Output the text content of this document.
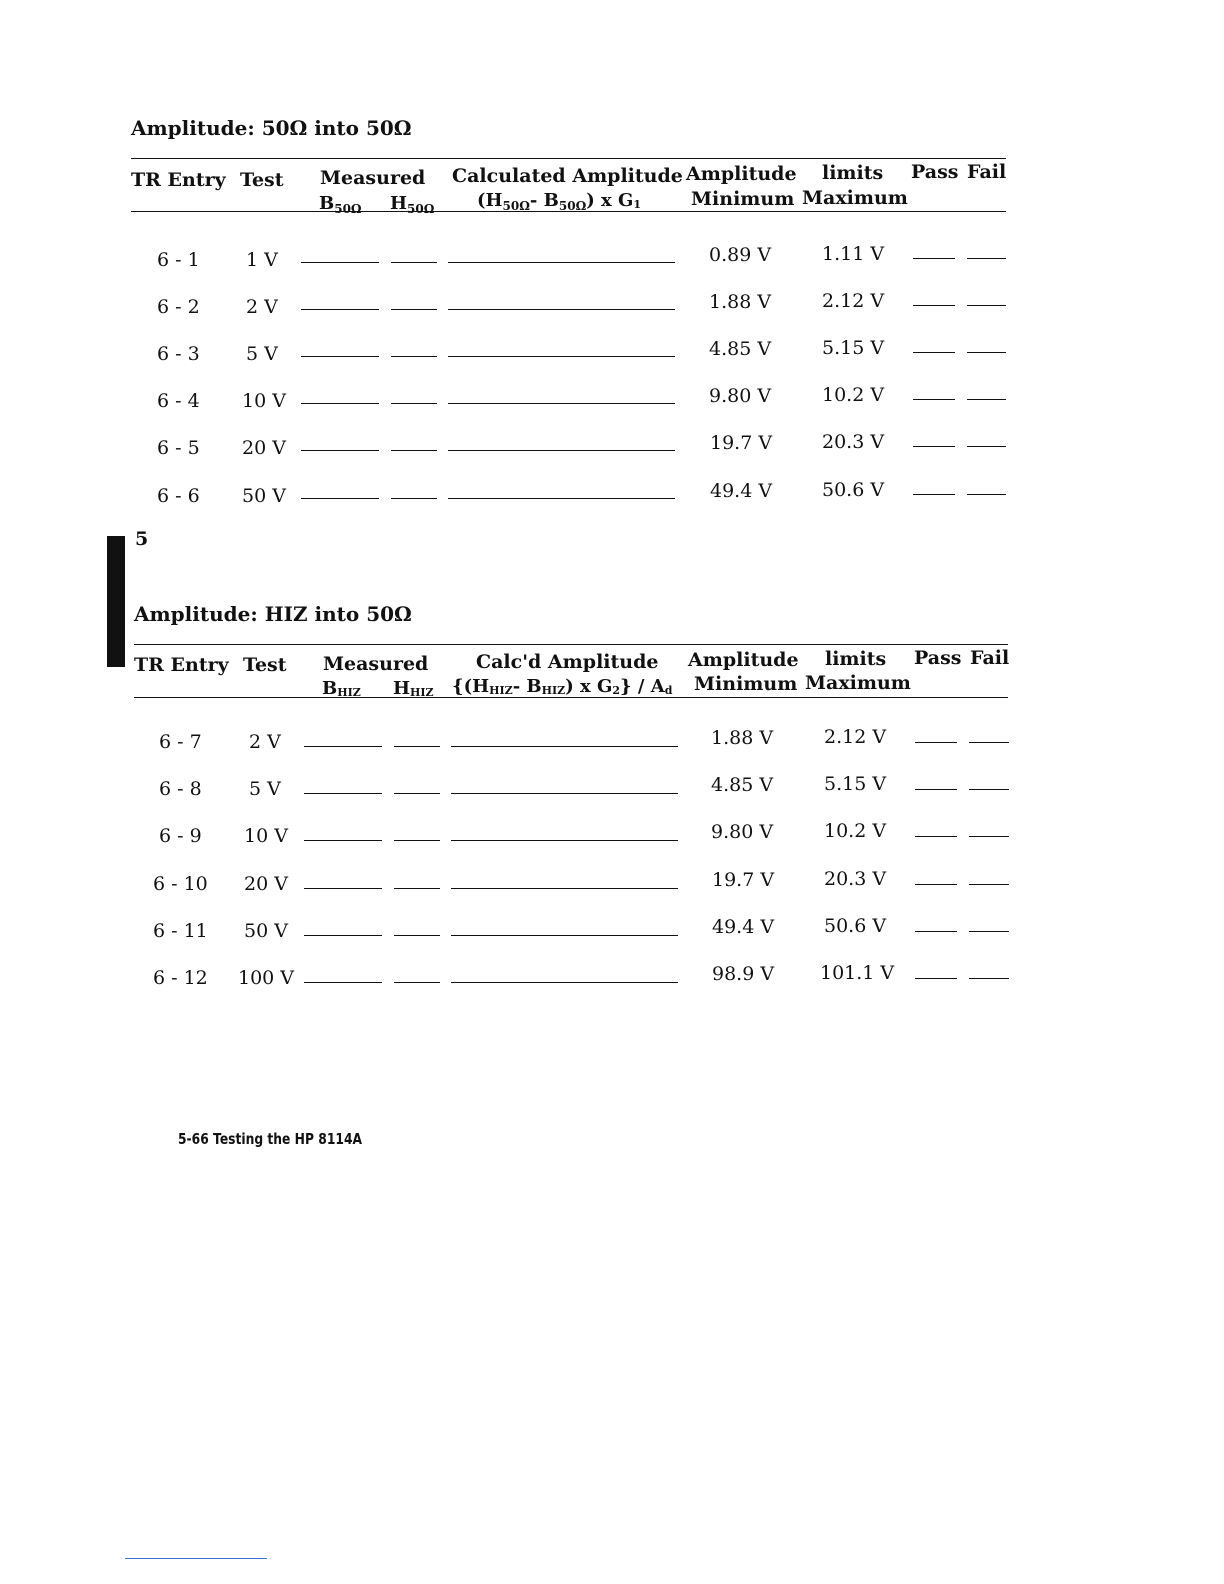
Amplitude: 50Ω into 50Ω
TR Entry Test Measured
$B_{50\Omega}$ $H_{50\Omega}$
Calculated Amplitude
($H_{50\Omega}-$ $B_{50\Omega}$) x G1
Amplitude limits
Minimum Maximum
Pass Fail
6 - 1 1 V	0.89 V	1.11 V
6 - 2 2 V	1.88 V	2.12 V
6 - 3 5 V	4.85 V	5.15 V
6 - 4 10 V	9.80 V	10.2 V
6 - 5 20 V	19.7 V	20.3 V
6 - 6 50 V	49.4 V	50.6 V
5
Amplitude: HIZ into 50Ω
TR Entry Test Measured
BHIZ HHIZ
Calc'd Amplitude
{(HHIZ- BHIZ) x G2} / Ad
Amplitude limits
Minimum Maximum
Pass Fail
6 - 7 2 V	1.88 V	2.12 V
6 - 8 5 V	4.85 V	5.15 V
6 - 9 10 V	9.80 V	10.2 V
6 - 10 20 V	19.7 V	20.3 V
6 - 11 50 V	49.4 V	50.6 V
6 - 12 100 V	98.9 V 101.1 V
5-66 Testing the HP 8114A
